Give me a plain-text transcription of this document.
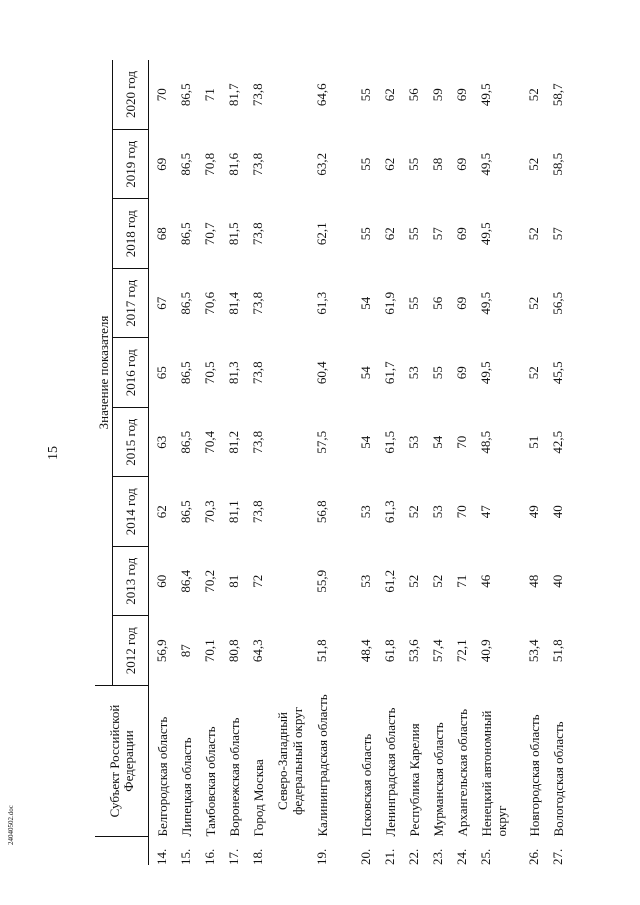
15
24040502.doc
	Субъект Российской Федерации	Значение показателя								
		2012 год	2013 год	2014 год	2015 год	2016 год	2017 год	2018 год	2019 год	2020 год
14.	Белгородская область	56,9	60	62	63	65	67	68	69	70
15.	Липецкая область	87	86,4	86,5	86,5	86,5	86,5	86,5	86,5	86,5
16.	Тамбовская область	70,1	70,2	70,3	70,4	70,5	70,6	70,7	70,8	71
17.	Воронежская область	80,8	81	81,1	81,2	81,3	81,4	81,5	81,6	81,7
18.	Город Москва	64,3	72	73,8	73,8	73,8	73,8	73,8	73,8	73,8
	Северо-Западный федеральный округ									
19.	Калининградская область	51,8	55,9	56,8	57,5	60,4	61,3	62,1	63,2	64,6
20.	Псковская область	48,4	53	53	54	54	54	55	55	55
21.	Ленинградская область	61,8	61,2	61,3	61,5	61,7	61,9	62	62	62
22.	Республика Карелия	53,6	52	52	53	53	55	55	55	56
23.	Мурманская область	57,4	52	53	54	55	56	57	58	59
24.	Архангельская область	72,1	71	70	70	69	69	69	69	69
25.	Ненецкий автономный округ	40,9	46	47	48,5	49,5	49,5	49,5	49,5	49,5
26.	Новгородская область	53,4	48	49	51	52	52	52	52	52
27.	Вологодская область	51,8	40	40	42,5	45,5	56,5	57	58,5	58,7
